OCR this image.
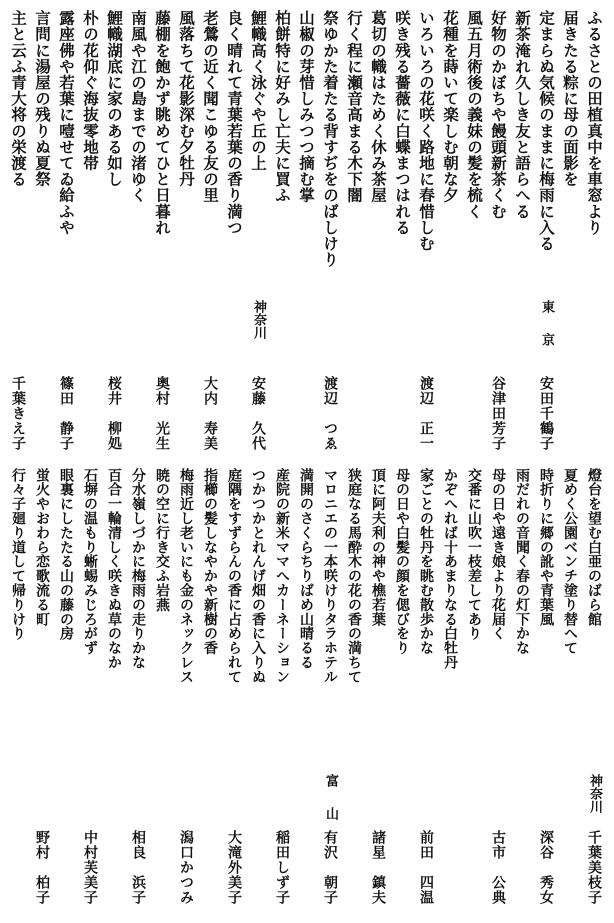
ふるさとの田植真中を車窓より
届きたる粽に母の面影を
定まらぬ気候のままに梅雨に入る
東京
安田千鶴子
新茶淹れ久しき友と語らへる
好物のかぼちや饅頭新茶くむ
谷津田芳子
風五月術後の義妹の髪を梳く
花種を蒔いて楽しむ朝な夕
いろいろの花咲く路地に春惜しむ
渡辺　正一
咲き残る薔薇に白蝶まつはれる
葛切の幟はためく休み茶屋
行く程に瀬音高まる木下闇
祭ゆかた着たる背すぢをのばしけり
渡辺　つゑ
山椒の芽惜しみつつ摘む掌
柏餅特に好みし亡夫に買ふ
鯉幟高く泳ぐや丘の上
神奈川
安藤　久代
良く晴れて青葉若葉の香り満つ
老鶯の近く聞こゆる友の里
大内　寿美
風落ちて花影深む夕牡丹
藤棚を飽かず眺めてひと日暮れ
奥村　光生
南風や江の島までの渚ゆく
鯉幟湖底に家のある如し
桜井　柳処
朴の花仰ぐ海抜零地帯
露座佛や若葉に噎せてゐ給ふや
篠田　静子
言問に湯屋の残りぬ夏祭
主と云ふ青大将の栄渡る
千葉きえ子
燈台を望む白亜のばら館
神奈川
千葉美枝子
夏めく公園ベンチ塗り替へて
時折りに郷の訛や青葉風
深谷　秀女
雨だれの音聞く春の灯下かな
母の日や遠き娘より花届く
古市　公典
交番に山吹一枝差してあり
かぞへれば十あまりなる白牡丹
家ごとの牡丹を眺む散歩かな
前田　四温
母の日や白髪の顔を偲びをり
頂に阿夫利の神や樵若葉
諸星　鎮夫
狭庭なる馬酔木の花の香の満ちて
マロニエの一本咲けりタラホテル
富山
有沢　朝子
満開のさくらちりばめ山晴るる
産院の新米ママへカーネーション
稲田しず子
つかつかとれんげ畑の香に入りぬ
庭隅をすずらんの香に占められて
大滝外美子
指櫛の髪しなやかや新樹の香
梅雨近し老いにも金のネックレス
潟口かつみ
暁の空に行き交ふ岩燕
分水嶺しづかに梅雨の走りかな
相良　浜子
百合一輪清しく咲きぬ草のなか
石塀の温もり蜥蜴みじろがず
中村芙美子
眼裏にしたたる山の藤の房
蛍火やおわら恋歌流る町
野村　柏子
行々子廻り道して帰りけり
